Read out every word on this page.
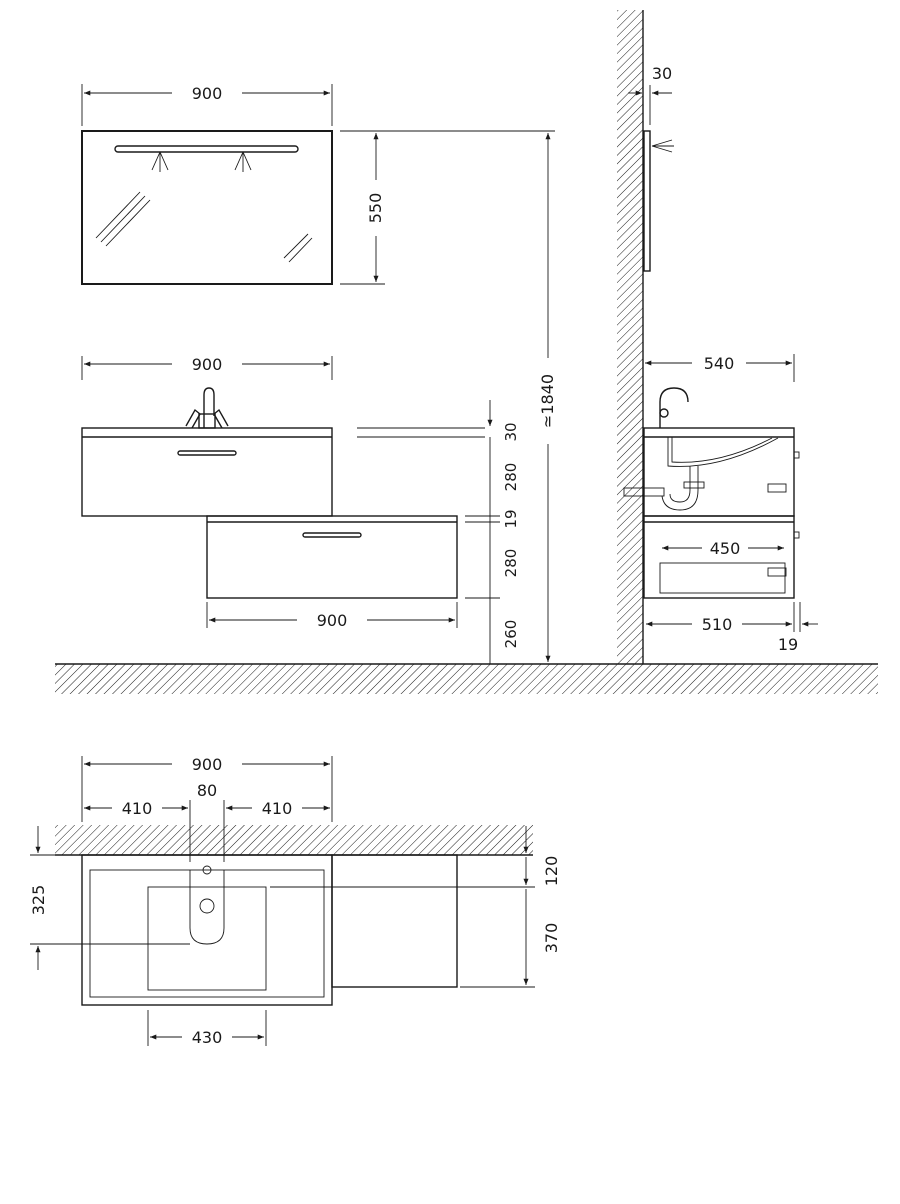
900
550
900
900
30
280
19
280
260
≃1840
30
540
450
510
19
900
410
80
410
325
120
370
430
